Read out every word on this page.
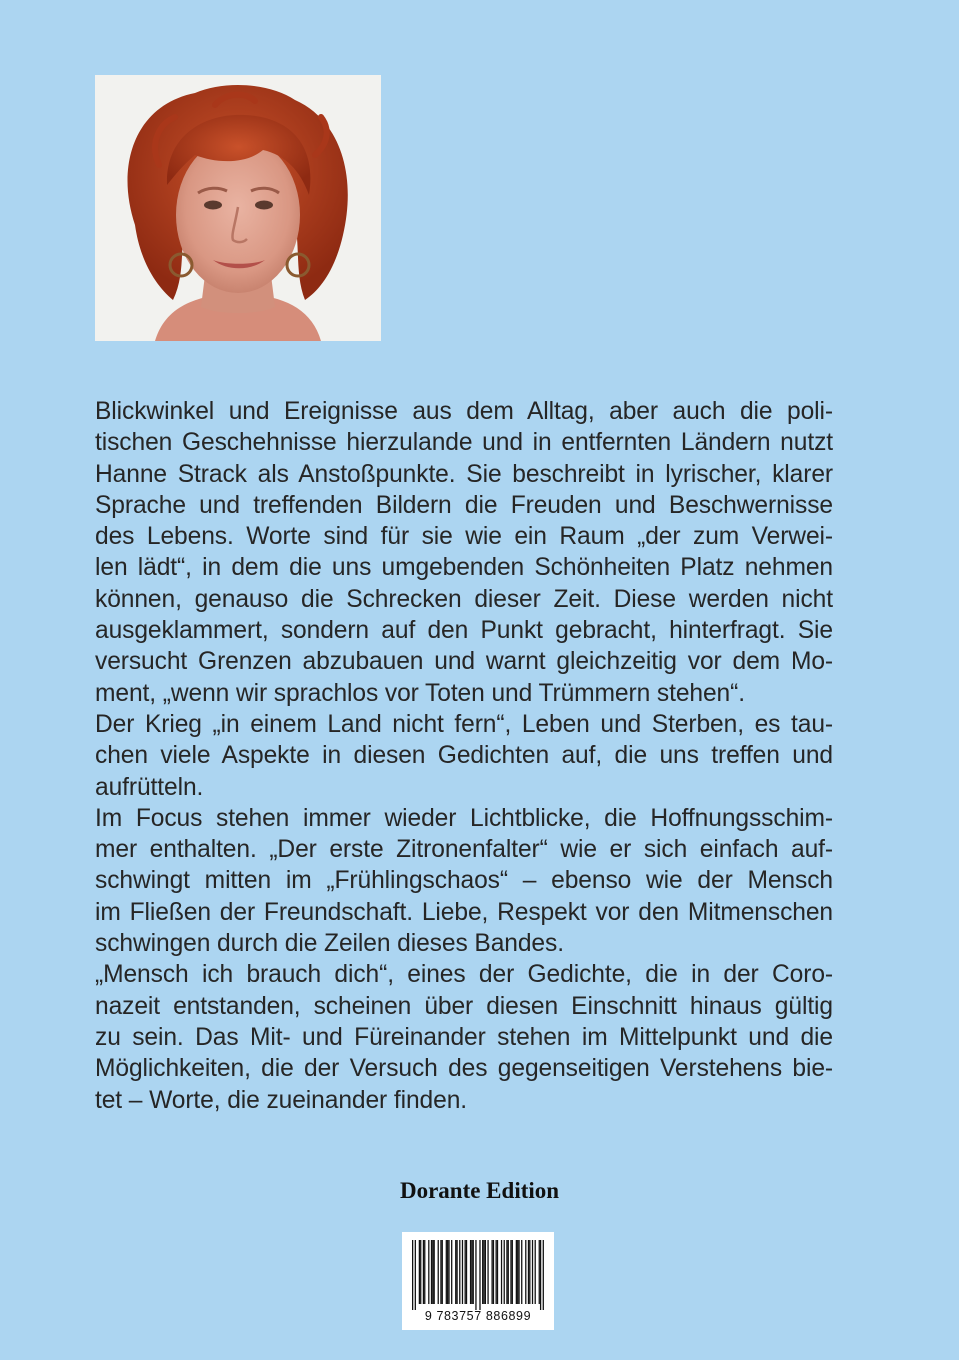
Blickwinkel und Ereignisse aus dem Alltag, aber auch die poli-
tischen Geschehnisse hierzulande und in entfernten Ländern nutzt
Hanne Strack als Anstoßpunkte. Sie beschreibt in lyrischer, klarer
Sprache und treffenden Bildern die Freuden und Beschwernisse
des Lebens. Worte sind für sie wie ein Raum „der zum Verwei-
len lädt“, in dem die uns umgebenden Schönheiten Platz nehmen
können, genauso die Schrecken dieser Zeit. Diese werden nicht
ausgeklammert, sondern auf den Punkt gebracht, hinterfragt. Sie
versucht Grenzen abzubauen und warnt gleichzeitig vor dem Mo-
ment, „wenn wir sprachlos vor Toten und Trümmern stehen“.
Der Krieg „in einem Land nicht fern“, Leben und Sterben, es tau-
chen viele Aspekte in diesen Gedichten auf, die uns treffen und
aufrütteln.
Im Focus stehen immer wieder Lichtblicke, die Hoffnungsschim-
mer enthalten. „Der erste Zitronenfalter“ wie er sich einfach auf-
schwingt mitten im „Frühlingschaos“ – ebenso wie der Mensch
im Fließen der Freundschaft. Liebe, Respekt vor den Mitmenschen
schwingen durch die Zeilen dieses Bandes.
„Mensch ich brauch dich“, eines der Gedichte, die in der Coro-
nazeit entstanden, scheinen über diesen Einschnitt hinaus gültig
zu sein. Das Mit- und Füreinander stehen im Mittelpunkt und die
Möglichkeiten, die der Versuch des gegenseitigen Verstehens bie-
tet – Worte, die zueinander finden.
Dorante Edition
9 783757 886899
